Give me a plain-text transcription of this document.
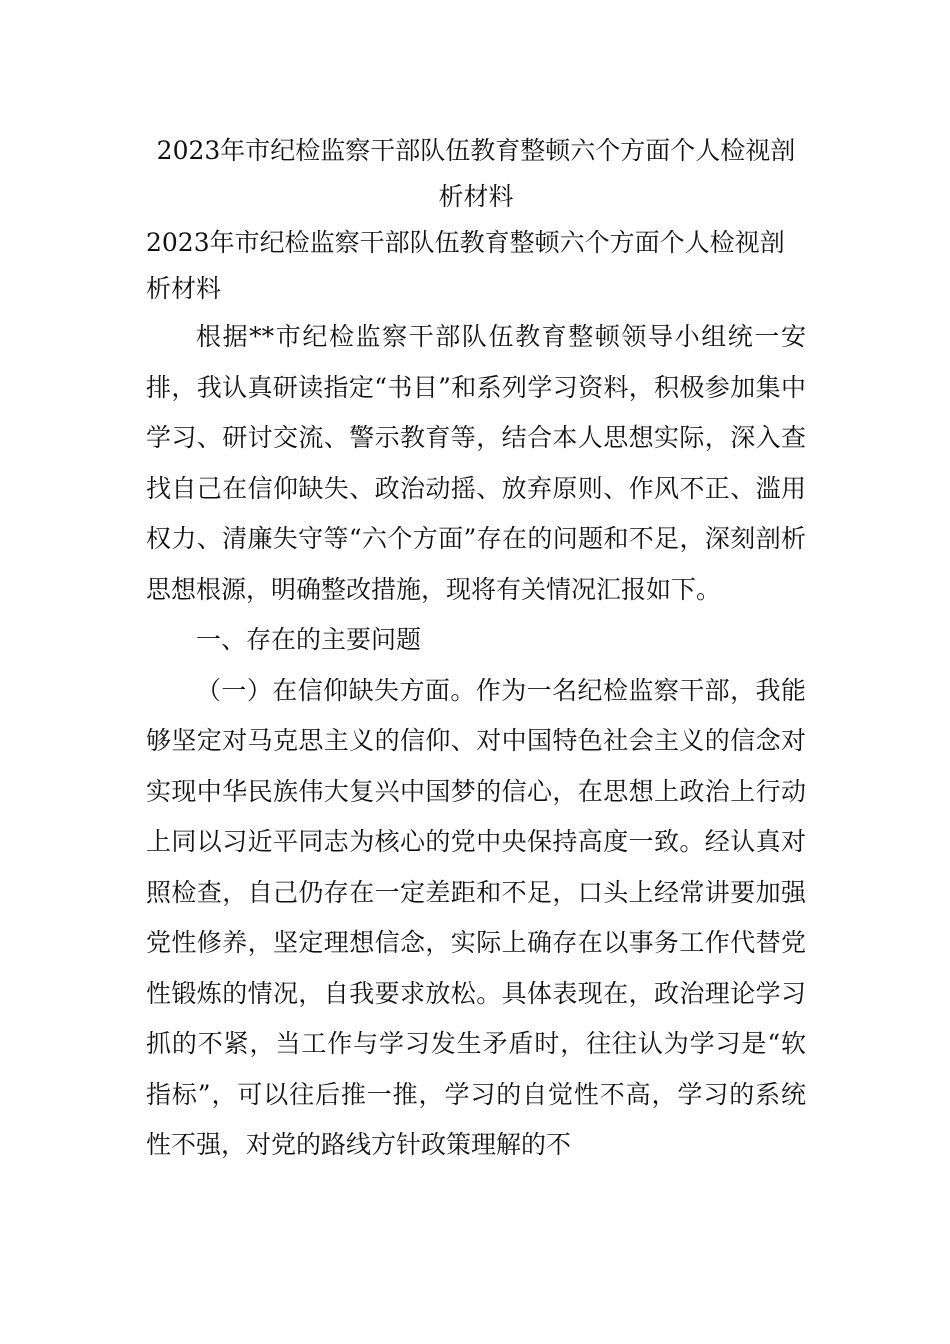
2023年市纪检监察干部队伍教育整顿六个方面个人检视剖析材料
2023年市纪检监察干部队伍教育整顿六个方面个人检视剖析材料

根据**市纪检监察干部队伍教育整顿领导小组统一安排，我认真研读指定“书目”和系列学习资料，积极参加集中学习、研讨交流、警示教育等，结合本人思想实际，深入查找自己在信仰缺失、政治动摇、放弃原则、作风不正、滥用权力、清廉失守等“六个方面”存在的问题和不足，深刻剖析思想根源，明确整改措施，现将有关情况汇报如下。

一、存在的主要问题

（一）在信仰缺失方面。作为一名纪检监察干部，我能够坚定对马克思主义的信仰、对中国特色社会主义的信念对实现中华民族伟大复兴中国梦的信心，在思想上政治上行动上同以习近平同志为核心的党中央保持高度一致。经认真对照检查，自己仍存在一定差距和不足，口头上经常讲要加强党性修养，坚定理想信念，实际上确存在以事务工作代替党性锻炼的情况，自我要求放松。具体表现在，政治理论学习抓的不紧，当工作与学习发生矛盾时，往往认为学习是“软指标”，可以往后推一推，学习的自觉性不高，学习的系统性不强，对党的路线方针政策理解的不
